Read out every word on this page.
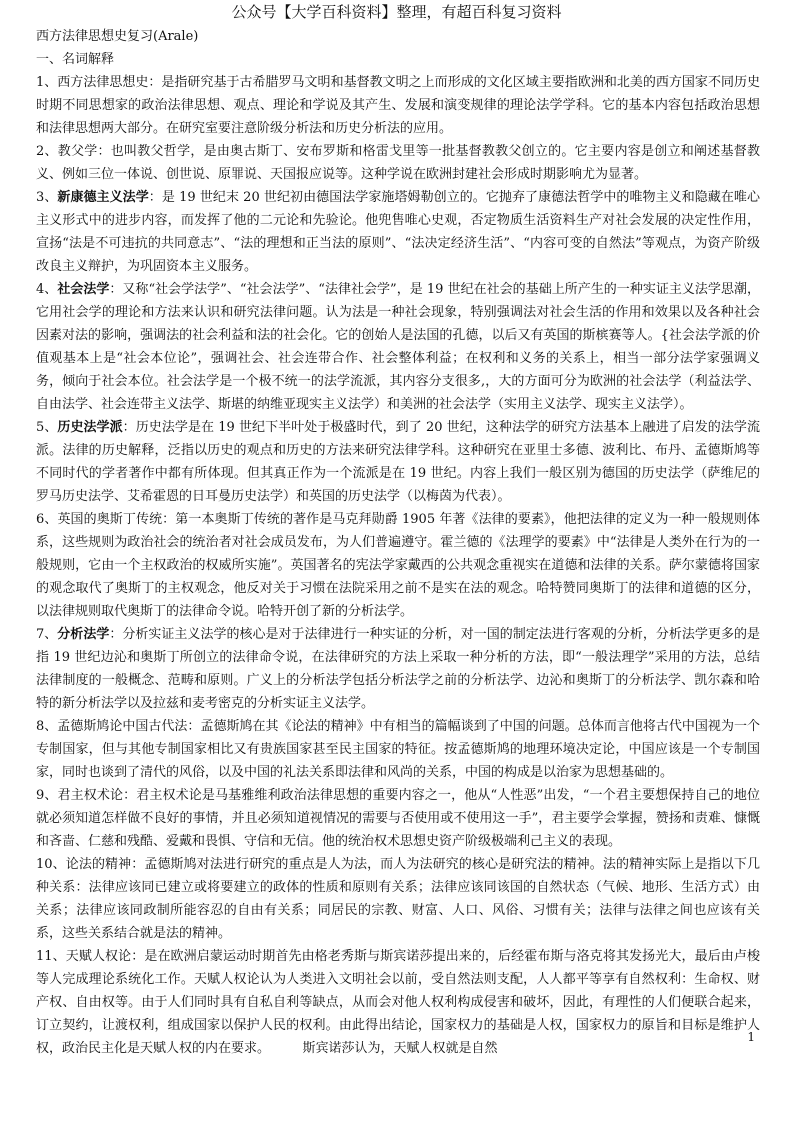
公众号【大学百科资料】整理，有超百科复习资料

西方法律思想史复习(Arale)

一、名词解释

1、西方法律思想史：是指研究基于古希腊罗马文明和基督教文明之上而形成的文化区域主要指欧洲和北美的西方国家不同历史时期不同思想家的政治法律思想、观点、理论和学说及其产生、发展和演变规律的理论法学学科。它的基本内容包括政治思想和法律思想两大部分。在研究室要注意阶级分析法和历史分析法的应用。

2、教父学：也叫教父哲学，是由奥古斯丁、安布罗斯和格雷戈里等一批基督教教父创立的。它主要内容是创立和阐述基督教义、例如三位一体说、创世说、原罪说、天国报应说等。这种学说在欧洲封建社会形成时期影响尤为显著。

3、新康德主义法学：是 19 世纪末 20 世纪初由德国法学家施塔姆勒创立的。它抛弃了康德法哲学中的唯物主义和隐藏在唯心主义形式中的进步内容，而发挥了他的二元论和先验论。他兜售唯心史观，否定物质生活资料生产对社会发展的决定性作用，宣扬“法是不可违抗的共同意志”、“法的理想和正当法的原则”、“法决定经济生活”、“内容可变的自然法”等观点，为资产阶级改良主义辩护，为巩固资本主义服务。

4、社会法学：又称“社会学法学”、“社会法学”、“法律社会学”，是 19 世纪在社会的基础上所产生的一种实证主义法学思潮，它用社会学的理论和方法来认识和研究法律问题。认为法是一种社会现象，特别强调法对社会生活的作用和效果以及各种社会因素对法的影响，强调法的社会利益和法的社会化。它的创始人是法国的孔德，以后又有英国的斯槟赛等人。{社会法学派的价值观基本上是“社会本位论”，强调社会、社会连带合作、社会整体利益；在权利和义务的关系上，相当一部分法学家强调义务，倾向于社会本位。社会法学是一个极不统一的法学流派，其内容分支很多,，大的方面可分为欧洲的社会法学（利益法学、自由法学、社会连带主义法学、斯堪的纳维亚现实主义法学）和美洲的社会法学（实用主义法学、现实主义法学）。

5、历史法学派：历史法学是在 19 世纪下半叶处于极盛时代，到了 20 世纪，这种法学的研究方法基本上融进了启发的法学流派。法律的历史解释，泛指以历史的观点和历史的方法来研究法律学科。这种研究在亚里士多德、波利比、布丹、孟德斯鸠等不同时代的学者著作中都有所体现。但其真正作为一个流派是在 19 世纪。内容上我们一般区别为德国的历史法学（萨维尼的罗马历史法学、艾希霍恩的日耳曼历史法学）和英国的历史法学（以梅茵为代表）。

6、英国的奥斯丁传统：第一本奥斯丁传统的著作是马克拜勋爵 1905 年著《法律的要素》，他把法律的定义为一种一般规则体系，这些规则为政治社会的统治者对社会成员发布，为人们普遍遵守。霍兰德的《法理学的要素》中“法律是人类外在行为的一般规则，它由一个主权政治的权威所实施”。英国著名的宪法学家戴西的公共观念重视实在道德和法律的关系。萨尔蒙德将国家的观念取代了奥斯丁的主权观念，他反对关于习惯在法院采用之前不是实在法的观念。哈特赞同奥斯丁的法律和道德的区分，以法律规则取代奥斯丁的法律命令说。哈特开创了新的分析法学。

7、分析法学：分析实证主义法学的核心是对于法律进行一种实证的分析，对一国的制定法进行客观的分析，分析法学更多的是指 19 世纪边沁和奥斯丁所创立的法律命令说，在法律研究的方法上采取一种分析的方法，即“一般法理学”采用的方法，总结法律制度的一般概念、范畴和原则。广义上的分析法学包括分析法学之前的分析法学、边沁和奥斯丁的分析法学、凯尔森和哈特的新分析法学以及拉兹和麦考密克的分析实证主义法学。

8、孟德斯鸠论中国古代法：孟德斯鸠在其《论法的精神》中有相当的篇幅谈到了中国的问题。总体而言他将古代中国视为一个专制国家，但与其他专制国家相比又有贵族国家甚至民主国家的特征。按孟德斯鸠的地理环境决定论，中国应该是一个专制国家，同时也谈到了清代的风俗，以及中国的礼法关系即法律和风尚的关系，中国的构成是以治家为思想基础的。

9、君主权术论：君主权术论是马基雅维利政治法律思想的重要内容之一，他从“人性恶”出发，“一个君主要想保持自己的地位就必须知道怎样做不良好的事情，并且必须知道视情况的需要与否使用或不使用这一手”，君主要学会掌握，赞扬和责难、慷慨和吝啬、仁慈和残酷、爱戴和畏惧、守信和无信。他的统治权术思想史资产阶级极端利己主义的表现。

10、论法的精神：孟德斯鸠对法进行研究的重点是人为法，而人为法研究的核心是研究法的精神。法的精神实际上是指以下几种关系：法律应该同已建立或将要建立的政体的性质和原则有关系；法律应该同该国的自然状态（气候、地形、生活方式）由关系；法律应该同政制所能容忍的自由有关系；同居民的宗教、财富、人口、风俗、习惯有关；法律与法律之间也应该有关系，这些关系结合就是法的精神。

11、天赋人权论：是在欧洲启蒙运动时期首先由格老秀斯与斯宾诺莎提出来的，后经霍布斯与洛克将其发扬光大，最后由卢梭等人完成理论系统化工作。天赋人权论认为人类进入文明社会以前，受自然法则支配，人人都平等享有自然权利：生命权、财产权、自由权等。由于人们同时具有自私自利等缺点，从而会对他人权利构成侵害和破坏，因此，有理性的人们便联合起来，订立契约，让渡权利，组成国家以保护人民的权利。由此得出结论，国家权力的基础是人权，国家权力的原旨和目标是维护人权，政治民主化是天赋人权的内在要求。　　　斯宾诺莎认为，天赋人权就是自然

1
